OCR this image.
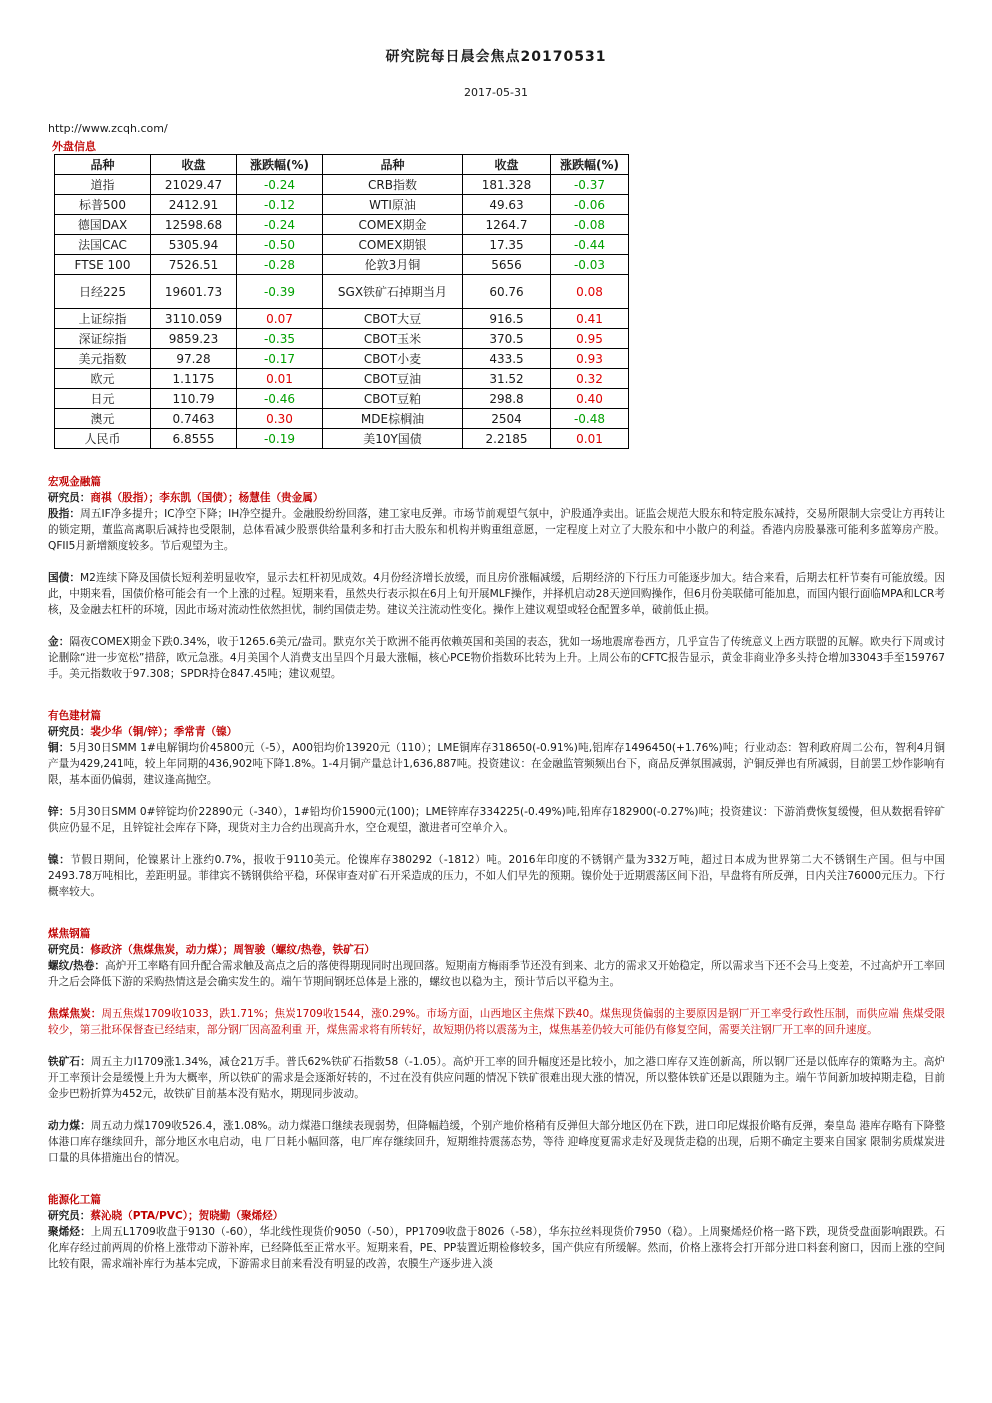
研究院每日晨会焦点20170531
2017-05-31
http://www.zcqh.com/
外盘信息
品种	收盘	涨跌幅(%)	品种	收盘	涨跌幅(%)
道指	21029.47	-0.24	CRB指数	181.328	-0.37
标普500	2412.91	-0.12	WTI原油	49.63	-0.06
德国DAX	12598.68	-0.24	COMEX期金	1264.7	-0.08
法国CAC	5305.94	-0.50	COMEX期银	17.35	-0.44
FTSE 100	7526.51	-0.28	伦敦3月铜	5656	-0.03
日经225	19601.73	-0.39	SGX铁矿石掉期当月	60.76	0.08
上证综指	3110.059	0.07	CBOT大豆	916.5	0.41
深证综指	9859.23	-0.35	CBOT玉米	370.5	0.95
美元指数	97.28	-0.17	CBOT小麦	433.5	0.93
欧元	1.1175	0.01	CBOT豆油	31.52	0.32
日元	110.79	-0.46	CBOT豆粕	298.8	0.40
澳元	0.7463	0.30	MDE棕榈油	2504	-0.48
人民币	6.8555	-0.19	美10Y国债	2.2185	0.01
宏观金融篇
研究员：商祺（股指）；李东凯（国债）；杨慧佳（贵金属）

股指：周五IF净多提升；IC净空下降；IH净空提升。金融股纷纷回落，建工家电反弹。市场节前观望气氛中，沪股通净卖出。证监会规范大股东和特定股东减持，交易所限制大宗受让方再转让的锁定期，董监高离职后减持也受限制，总体看减少股票供给量利多和打击大股东和机构并购重组意愿，一定程度上对立了大股东和中小散户的利益。香港内房股暴涨可能利多蓝筹房产股。QFII5月新增额度较多。节后观望为主。

国债：M2连续下降及国债长短利差明显收窄，显示去杠杆初见成效。4月份经济增长放缓，而且房价涨幅减缓，后期经济的下行压力可能逐步加大。结合来看，后期去杠杆节奏有可能放缓。因此，中期来看，国债价格可能会有一个上涨的过程。短期来看，虽然央行表示拟在6月上旬开展MLF操作，并择机启动28天逆回购操作，但6月份美联储可能加息，而国内银行面临MPA和LCR考核，及金融去杠杆的环境，因此市场对流动性依然担忧，制约国债走势。建议关注流动性变化。操作上建议观望或轻仓配置多单，破前低止损。

金：隔夜COMEX期金下跌0.34%，收于1265.6美元/盎司。默克尔关于欧洲不能再依赖英国和美国的表态，犹如一场地震席卷西方，几乎宣告了传统意义上西方联盟的瓦解。欧央行下周或讨论删除“进一步宽松”措辞，欧元急涨。4月美国个人消费支出呈四个月最大涨幅，核心PCE物价指数环比转为上升。上周公布的CFTC报告显示，黄金非商业净多头持仓增加33043手至159767手。美元指数收于97.308；SPDR持仓847.45吨；建议观望。

有色建材篇
研究员：裴少华（铜/锌）；季常青（镍）

铜：5月30日SMM 1#电解铜均价45800元（-5），A00铝均价13920元（110）；LME铜库存318650(-0.91%)吨,铝库存1496450(+1.76%)吨；行业动态：智利政府周二公布，智利4月铜产量为429,241吨，较上年同期的436,902吨下降1.8%。1-4月铜产量总计1,636,887吨。投资建议：在金融监管频频出台下，商品反弹氛围减弱，沪铜反弹也有所减弱，目前罢工炒作影响有限，基本面仍偏弱，建议逢高抛空。

锌：5月30日SMM 0#锌锭均价22890元（-340），1#铅均价15900元(100)；LME锌库存334225(-0.49%)吨,铅库存182900(-0.27%)吨；投资建议：下游消费恢复缓慢，但从数据看锌矿供应仍显不足，且锌锭社会库存下降，现货对主力合约出现高升水，空仓观望，激进者可空单介入。

镍：节假日期间，伦镍累计上涨约0.7%，报收于9110美元。伦镍库存380292（-1812）吨。2016年印度的不锈钢产量为332万吨，超过日本成为世界第二大不锈钢生产国。但与中国2493.78万吨相比，差距明显。菲律宾不锈钢供给平稳，环保审查对矿石开采造成的压力，不如人们早先的预期。镍价处于近期震荡区间下沿，早盘将有所反弹，日内关注76000元压力。下行概率较大。

煤焦钢篇
研究员：修政济（焦煤焦炭，动力煤）；周智骏（螺纹/热卷，铁矿石）

螺纹/热卷：高炉开工率略有回升配合需求触及高点之后的落使得期现同时出现回落。短期南方梅雨季节还没有到来、北方的需求又开始稳定，所以需求当下还不会马上变差，不过高炉开工率回升之后会降低下游的采购热情这是会确实发生的。端午节期间钢坯总体是上涨的，螺纹也以稳为主，预计节后以平稳为主。

焦煤焦炭：周五焦煤1709收1033，跌1.71%；焦炭1709收1544，涨0.29%。市场方面，山西地区主焦煤下跌40。煤焦现货偏弱的主要原因是钢厂开工率受行政性压制，而供应端 焦煤受限较少，第三批环保督查已经结束，部分钢厂因高盈利重 开，煤焦需求将有所转好，故短期仍将以震荡为主，煤焦基差仍较大可能仍有修复空间，需要关注钢厂开工率的回升速度。

铁矿石：周五主力I1709涨1.34%，减仓21万手。普氏62%铁矿石指数58（-1.05）。高炉开工率的回升幅度还是比较小，加之港口库存又连创新高，所以钢厂还是以低库存的策略为主。高炉开工率预计会是缓慢上升为大概率，所以铁矿的需求是会逐渐好转的，不过在没有供应问题的情况下铁矿很难出现大涨的情况，所以整体铁矿还是以跟随为主。端午节间新加坡掉期走稳，目前金步巴粉折算为452元，故铁矿目前基本没有贴水，期现同步波动。

动力煤：周五动力煤1709收526.4，涨1.08%。动力煤港口继续表现弱势，但降幅趋缓，个别产地价格稍有反弹但大部分地区仍在下跌，进口印尼煤报价略有反弹，秦皇岛 港库存略有下降整体港口库存继续回升，部分地区水电启动，电 厂日耗小幅回落，电厂库存继续回升，短期维持震荡态势，等待 迎峰度夏需求走好及现货走稳的出现，后期不确定主要来自国家 限制劣质煤炭进口量的具体措施出台的情况。

能源化工篇
研究员：蔡沁晓（PTA/PVC）；贺晓勤（聚烯烃）

聚烯烃：上周五L1709收盘于9130（-60），华北线性现货价9050（-50），PP1709收盘于8026（-58），华东拉丝料现货价7950（稳）。上周聚烯烃价格一路下跌，现货受盘面影响跟跌。石化库存经过前两周的价格上涨带动下游补库，已经降低至正常水平。短期来看，PE、PP装置近期检修较多，国产供应有所缓解。然而，价格上涨将会打开部分进口料套利窗口，因而上涨的空间比较有限，需求端补库行为基本完成，下游需求目前来看没有明显的改善，农膜生产逐步进入淡
